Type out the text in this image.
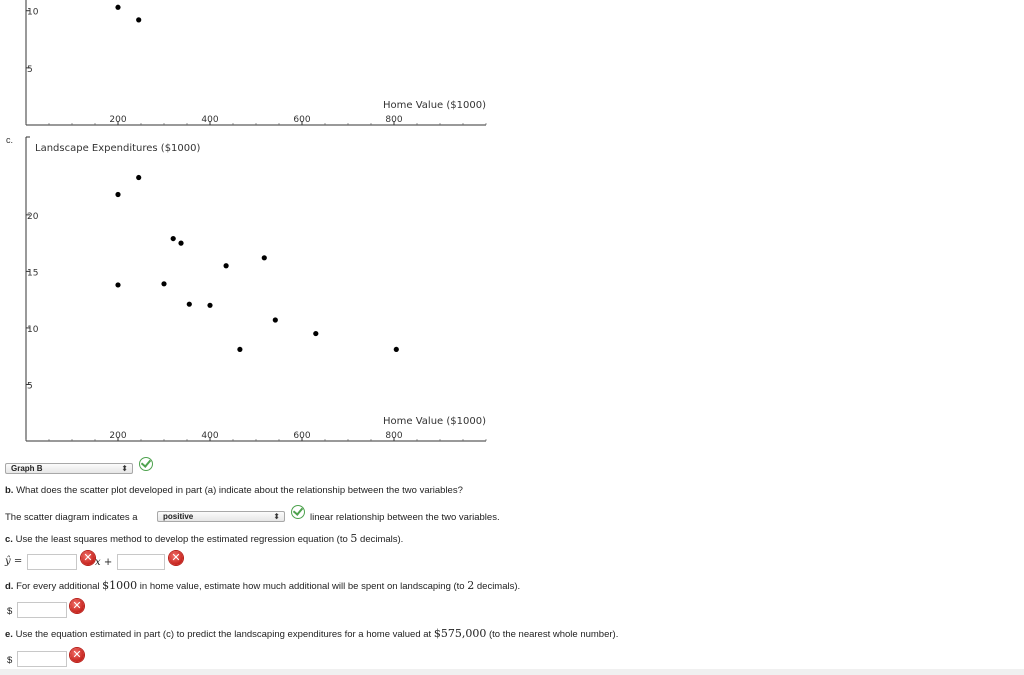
200	400	600	800
10
5
Home Value ($1000)
c.
200	400	600	800
20
15
10
5
Home Value ($1000)
Landscape Expenditures ($1000)
Graph B	⬍
b. What does the scatter plot developed in part (a) indicate about the relationship between the two variables?
The scatter diagram indicates a	positive	⬍	linear relationship between the two variables.
c. Use the least squares method to develop the estimated regression equation (to 5 decimals).
ŷ =	✕ x +	✕
d. For every additional $1000 in home value, estimate how much additional will be spent on landscaping (to 2 decimals).
$	✕
e. Use the equation estimated in part (c) to predict the landscaping expenditures for a home valued at $575,000 (to the nearest whole number).
$	✕
